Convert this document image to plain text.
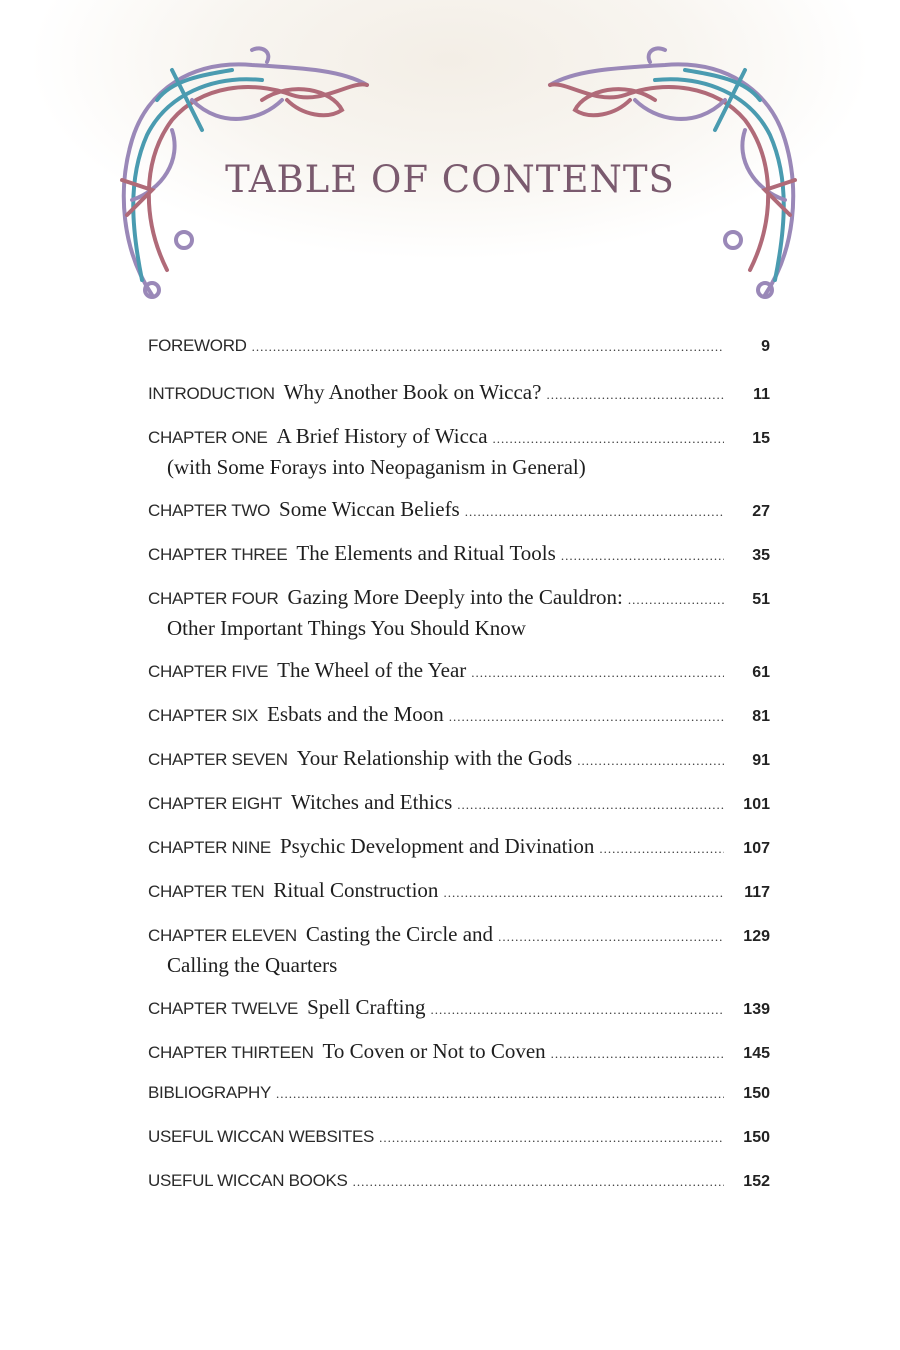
TABLE OF CONTENTS
FOREWORD .....	9
INTRODUCTION Why Another Book on Wicca? .....	11
CHAPTER ONE A Brief History of Wicca .....	15
(with Some Forays into Neopaganism in General)
CHAPTER TWO Some Wiccan Beliefs .....	27
CHAPTER THREE The Elements and Ritual Tools .....	35
CHAPTER FOUR Gazing More Deeply into the Cauldron: .....	51
Other Important Things You Should Know
CHAPTER FIVE The Wheel of the Year .....	61
CHAPTER SIX Esbats and the Moon .....	81
CHAPTER SEVEN Your Relationship with the Gods .....	91
CHAPTER EIGHT Witches and Ethics .....	101
CHAPTER NINE Psychic Development and Divination .....	107
CHAPTER TEN Ritual Construction .....	117
CHAPTER ELEVEN Casting the Circle and .....	129
Calling the Quarters
CHAPTER TWELVE Spell Crafting .....	139
CHAPTER THIRTEEN To Coven or Not to Coven .....	145
BIBLIOGRAPHY .....	150
USEFUL WICCAN WEBSITES .....	150
USEFUL WICCAN BOOKS .....	152
